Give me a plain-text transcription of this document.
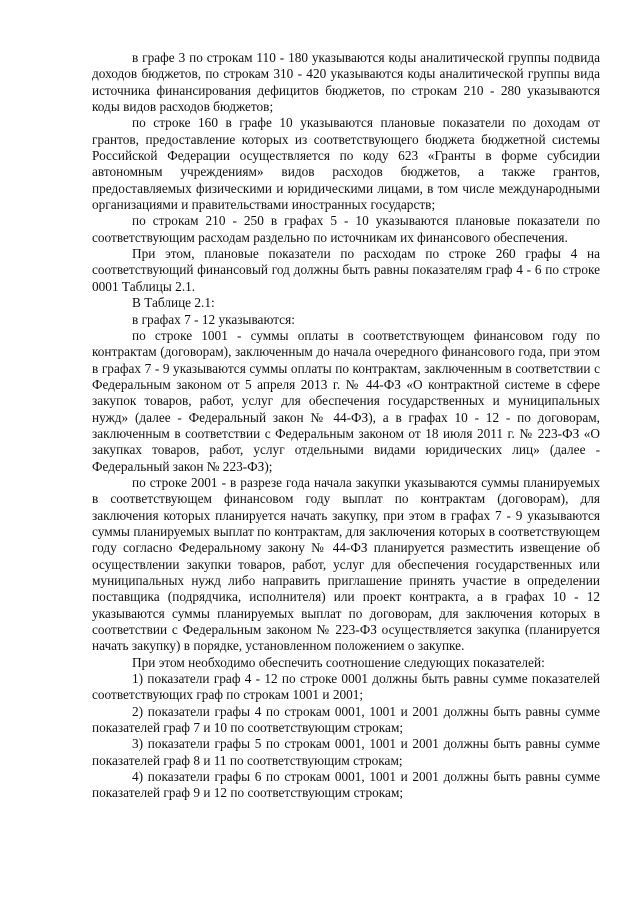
в графе 3 по строкам 110 - 180 указываются коды аналитической группы подвида доходов бюджетов, по строкам 310 - 420 указываются коды аналитической группы вида источника финансирования дефицитов бюджетов, по строкам 210 - 280 указываются коды видов расходов бюджетов;

по строке 160 в графе 10 указываются плановые показатели по доходам от грантов, предоставление которых из соответствующего бюджета бюджетной системы Российской Федерации осуществляется по коду 623 «Гранты в форме субсидии автономным учреждениям» видов расходов бюджетов, а также грантов, предоставляемых физическими и юридическими лицами, в том числе международными организациями и правительствами иностранных государств;

по строкам 210 - 250 в графах 5 - 10 указываются плановые показатели по соответствующим расходам раздельно по источникам их финансового обеспечения.

При этом, плановые показатели по расходам по строке 260 графы 4 на соответствующий финансовый год должны быть равны показателям граф 4 - 6 по строке 0001 Таблицы 2.1.

В Таблице 2.1:

в графах 7 - 12 указываются:

по строке 1001 - суммы оплаты в соответствующем финансовом году по контрактам (договорам), заключенным до начала очередного финансового года, при этом в графах 7 - 9 указываются суммы оплаты по контрактам, заключенным в соответствии с Федеральным законом от 5 апреля 2013 г. № 44-ФЗ «О контрактной системе в сфере закупок товаров, работ, услуг для обеспечения государственных и муниципальных нужд» (далее - Федеральный закон № 44-ФЗ), а в графах 10 - 12 - по договорам, заключенным в соответствии с Федеральным законом от 18 июля 2011 г. № 223-ФЗ «О закупках товаров, работ, услуг отдельными видами юридических лиц» (далее - Федеральный закон № 223-ФЗ);

по строке 2001 - в разрезе года начала закупки указываются суммы планируемых в соответствующем финансовом году выплат по контрактам (договорам), для заключения которых планируется начать закупку, при этом в графах 7 - 9 указываются суммы планируемых выплат по контрактам, для заключения которых в соответствующем году согласно Федеральному закону № 44-ФЗ планируется разместить извещение об осуществлении закупки товаров, работ, услуг для обеспечения государственных или муниципальных нужд либо направить приглашение принять участие в определении поставщика (подрядчика, исполнителя) или проект контракта, а в графах 10 - 12 указываются суммы планируемых выплат по договорам, для заключения которых в соответствии с Федеральным законом № 223-ФЗ осуществляется закупка (планируется начать закупку) в порядке, установленном положением о закупке.

При этом необходимо обеспечить соотношение следующих показателей:

1) показатели граф 4 - 12 по строке 0001 должны быть равны сумме показателей соответствующих граф по строкам 1001 и 2001;

2) показатели графы 4 по строкам 0001, 1001 и 2001 должны быть равны сумме показателей граф 7 и 10 по соответствующим строкам;

3) показатели графы 5 по строкам 0001, 1001 и 2001 должны быть равны сумме показателей граф 8 и 11 по соответствующим строкам;

4) показатели графы 6 по строкам 0001, 1001 и 2001 должны быть равны сумме показателей граф 9 и 12 по соответствующим строкам;
